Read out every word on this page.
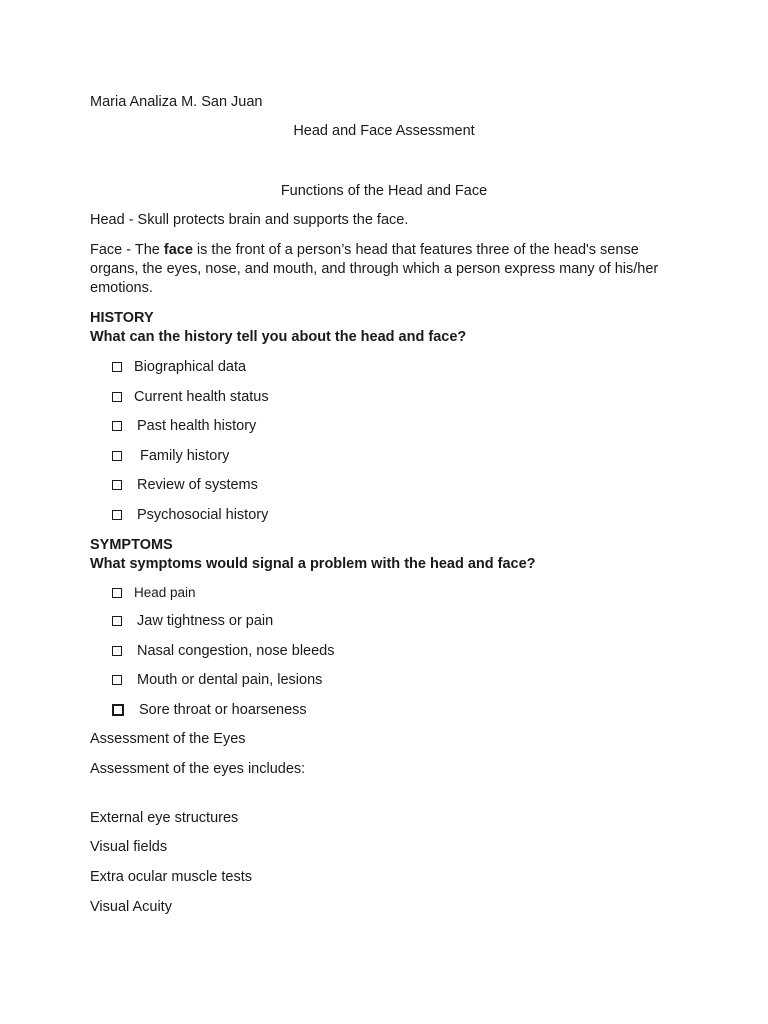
Maria Analiza M. San Juan
Head and Face Assessment
Functions of the Head and Face
Head - Skull protects brain and supports the face.
Face - The face is the front of a person’s head that features three of the head's sense organs, the eyes, nose, and mouth, and through which a person express many of his/her emotions.
HISTORY
What can the history tell you about the head and face?
Biographical data
Current health status
Past health history
Family history
Review of systems
Psychosocial history
SYMPTOMS
What symptoms would signal a problem with the head and face?
Head pain
Jaw tightness or pain
Nasal congestion, nose bleeds
Mouth or dental pain, lesions
Sore throat or hoarseness
Assessment of the Eyes
Assessment of the eyes includes:
External eye structures
Visual fields
Extra ocular muscle tests
Visual Acuity
